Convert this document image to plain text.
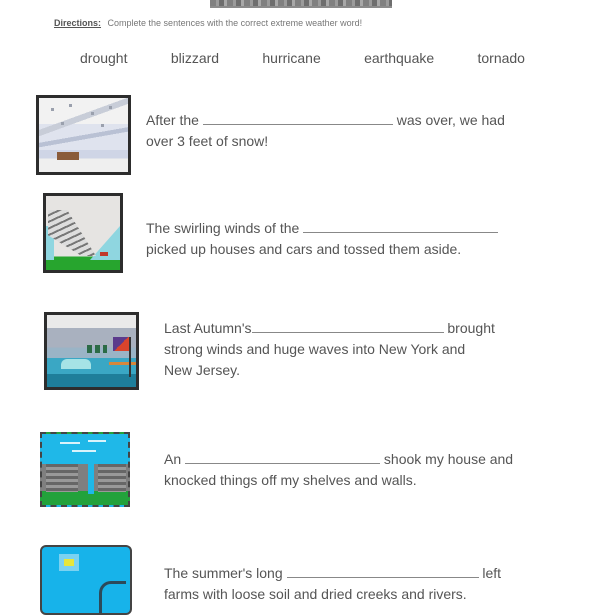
Directions: Complete the sentences with the correct extreme weather word!
drought	blizzard	hurricane	earthquake	tornado
After the	was over, we had
over 3 feet of snow!
The swirling winds of the
picked up houses and cars and tossed them aside.
Last Autumn's	brought
strong winds and huge waves into New York and
New Jersey.
An	shook my house and
knocked things off my shelves and walls.
The summer's long	left
farms with loose soil and dried creeks and rivers.
